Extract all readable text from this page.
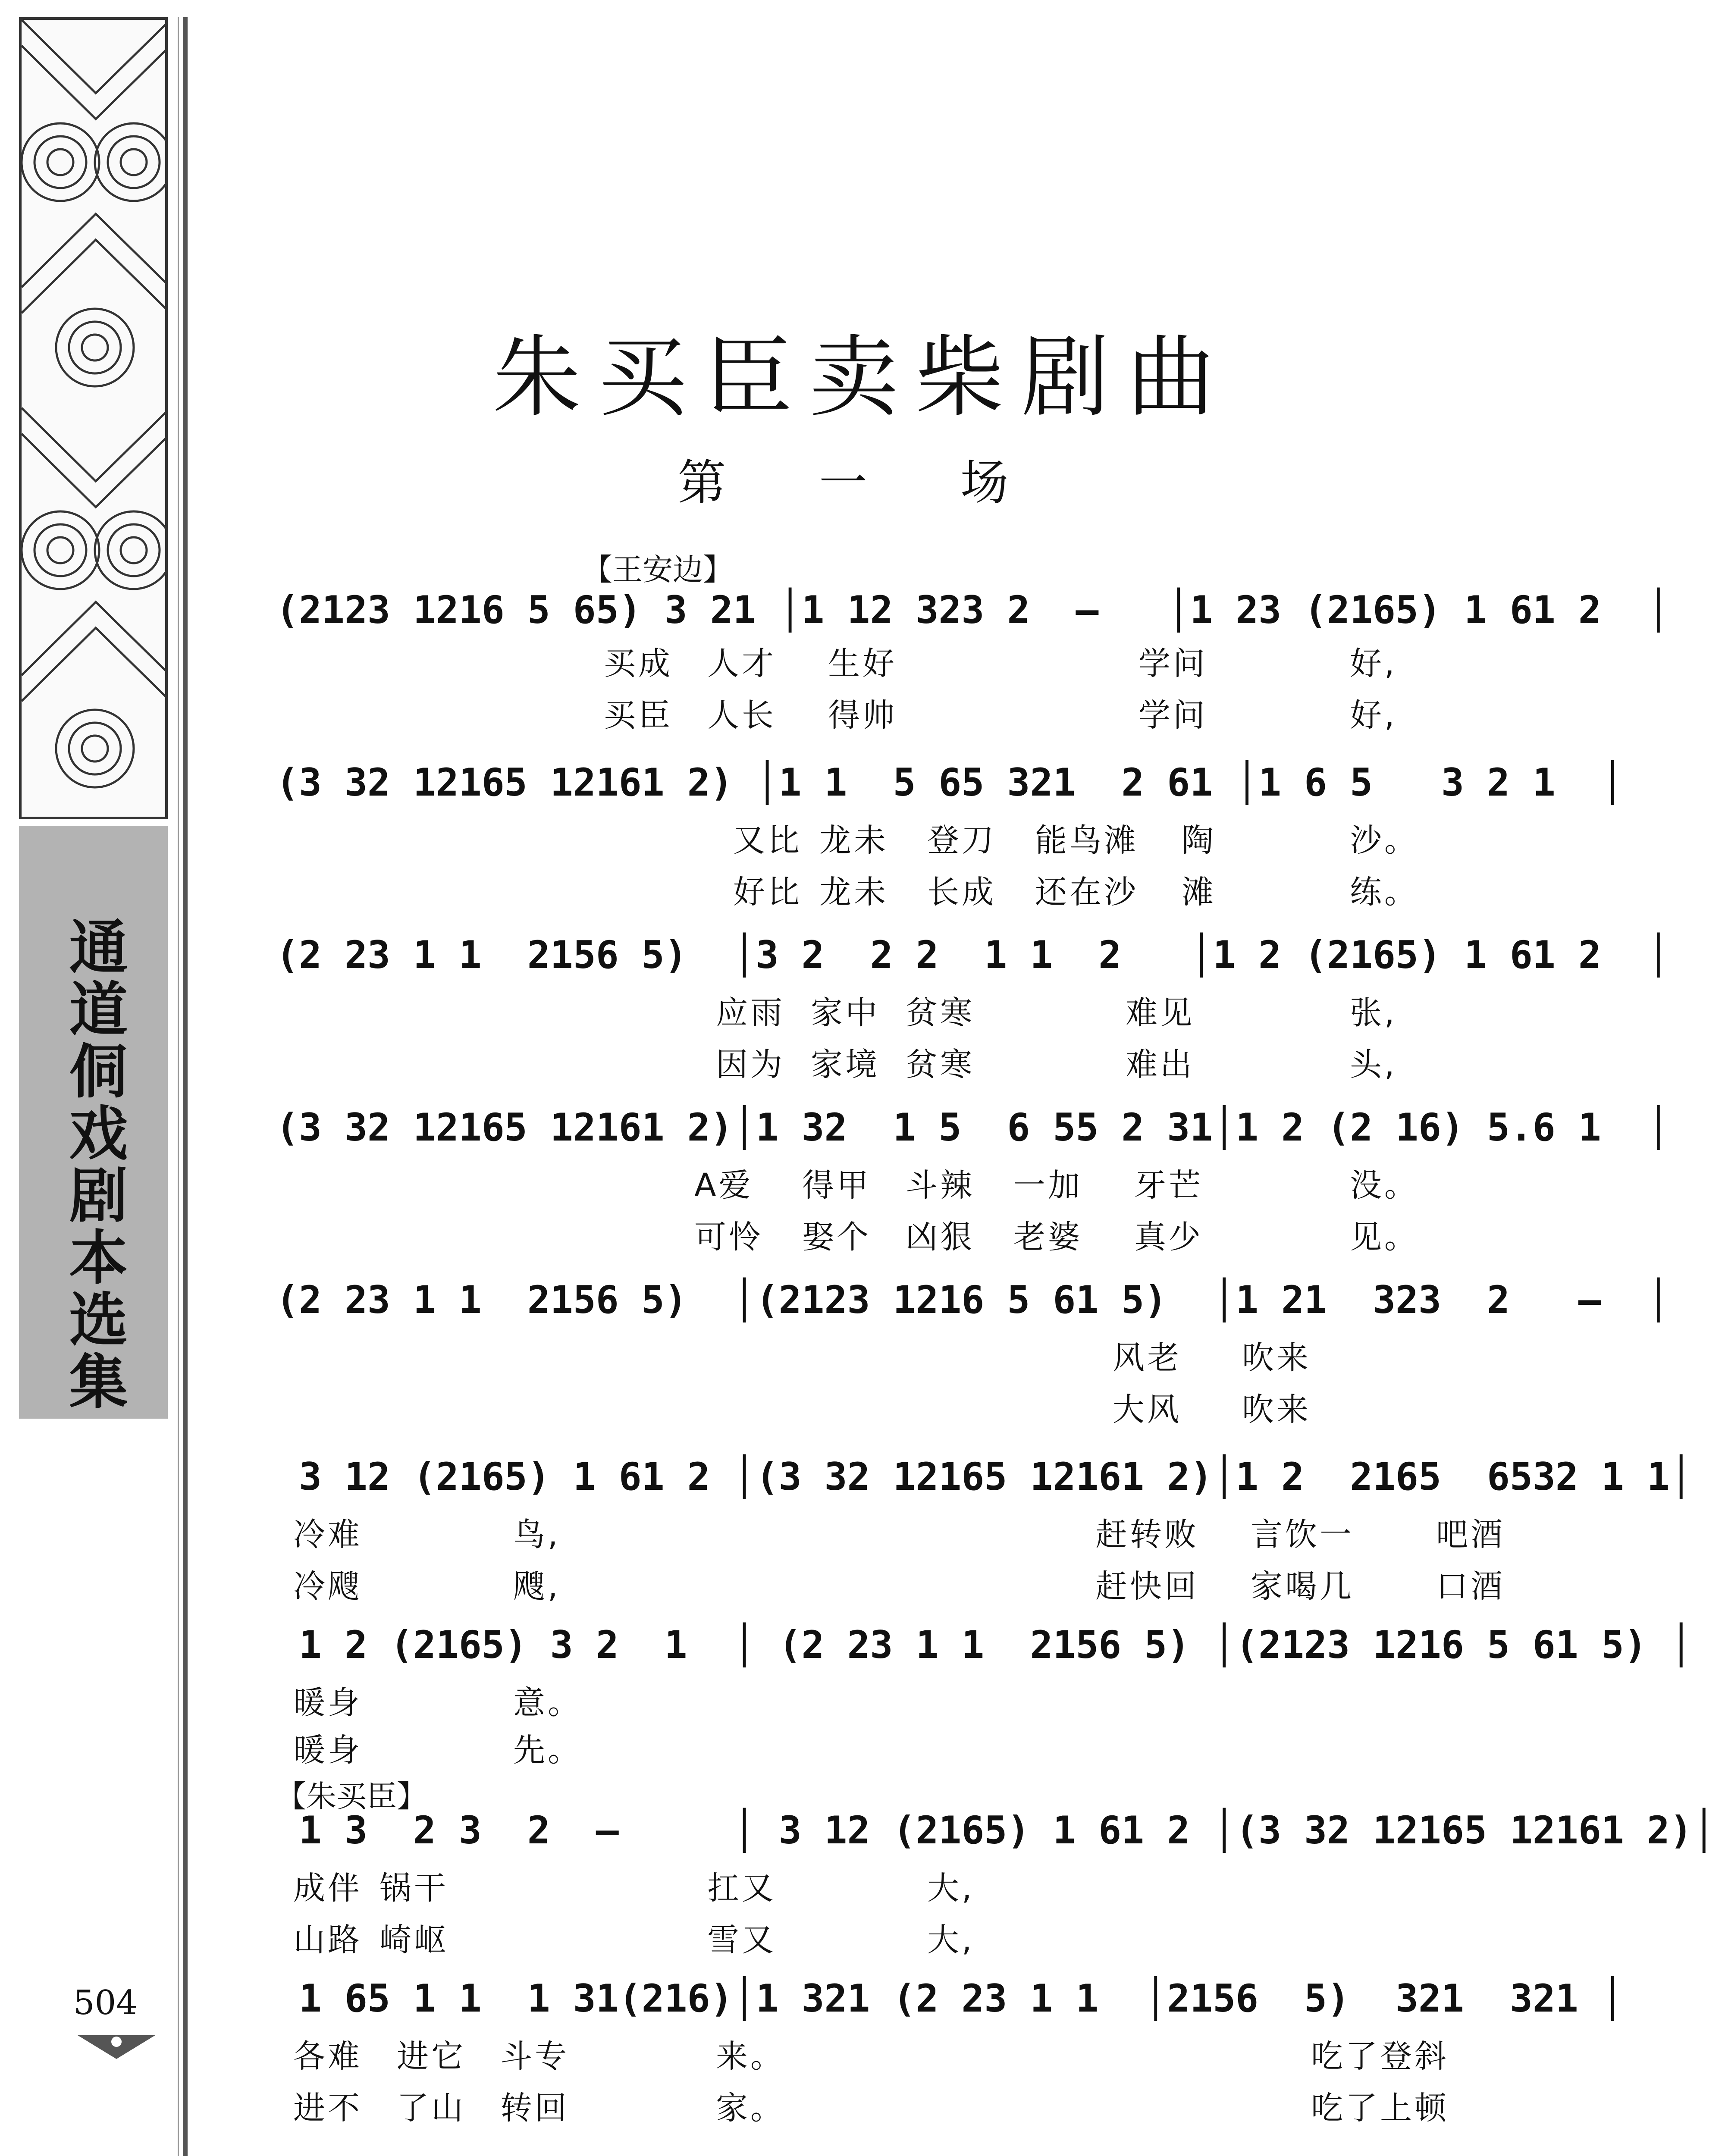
通道侗戏剧本选集
504
朱买臣卖柴剧曲
第 一 场
【王安边】
【朱买臣】
(2123 1216 5 65) 3 21 │1 12 323 2  –   │1 23 (2165) 1 61 2  │
买成
买臣
人才
人长
生好
得帅
学问
学问
好,
好,
(3 32 12165 12161 2) │1 1  5 65 321  2 61 │1 6 5   3 2 1  │
又比
好比
龙未
龙未
登刀
长成
能鸟滩
还在沙
陶
滩
沙。
练。
(2 23 1 1  2156 5)  │3 2  2 2  1 1  2   │1 2 (2165) 1 61 2  │
应雨
因为
家中
家境
贫寒
贫寒
难见
难出
张,
头,
(3 32 12165 12161 2)│1 32  1 5  6 55 2 31│1 2 (2 16) 5.6 1  │
A爱
可怜
得甲
娶个
斗辣
凶狠
一加
老婆
牙芒
真少
没。
见。
(2 23 1 1  2156 5)  │(2123 1216 5 61 5)  │1 21  323  2   –  │
风老
大风
吹来
吹来
3 12 (2165) 1 61 2 │(3 32 12165 12161 2)│1 2  2165  6532 1 1│
冷难
冷飕
鸟,
飕,
赶转败
赶快回
言饮一
家喝几
吧酒
口酒
1 2 (2165) 3 2  1  │ (2 23 1 1  2156 5) │(2123 1216 5 61 5) │
暖身
暖身
意。
先。
1 3  2 3  2  –     │ 3 12 (2165) 1 61 2 │(3 32 12165 12161 2)│
成伴
山路
锅干
崎岖
扛又
雪又
大,
大,
1 65 1 1  1 31(216)│1 321 (2 23 1 1  │2156  5)  321  321 │
各难
进不
进它
了山
斗专
转回
来。
家。
吃了登斜
吃了上顿
